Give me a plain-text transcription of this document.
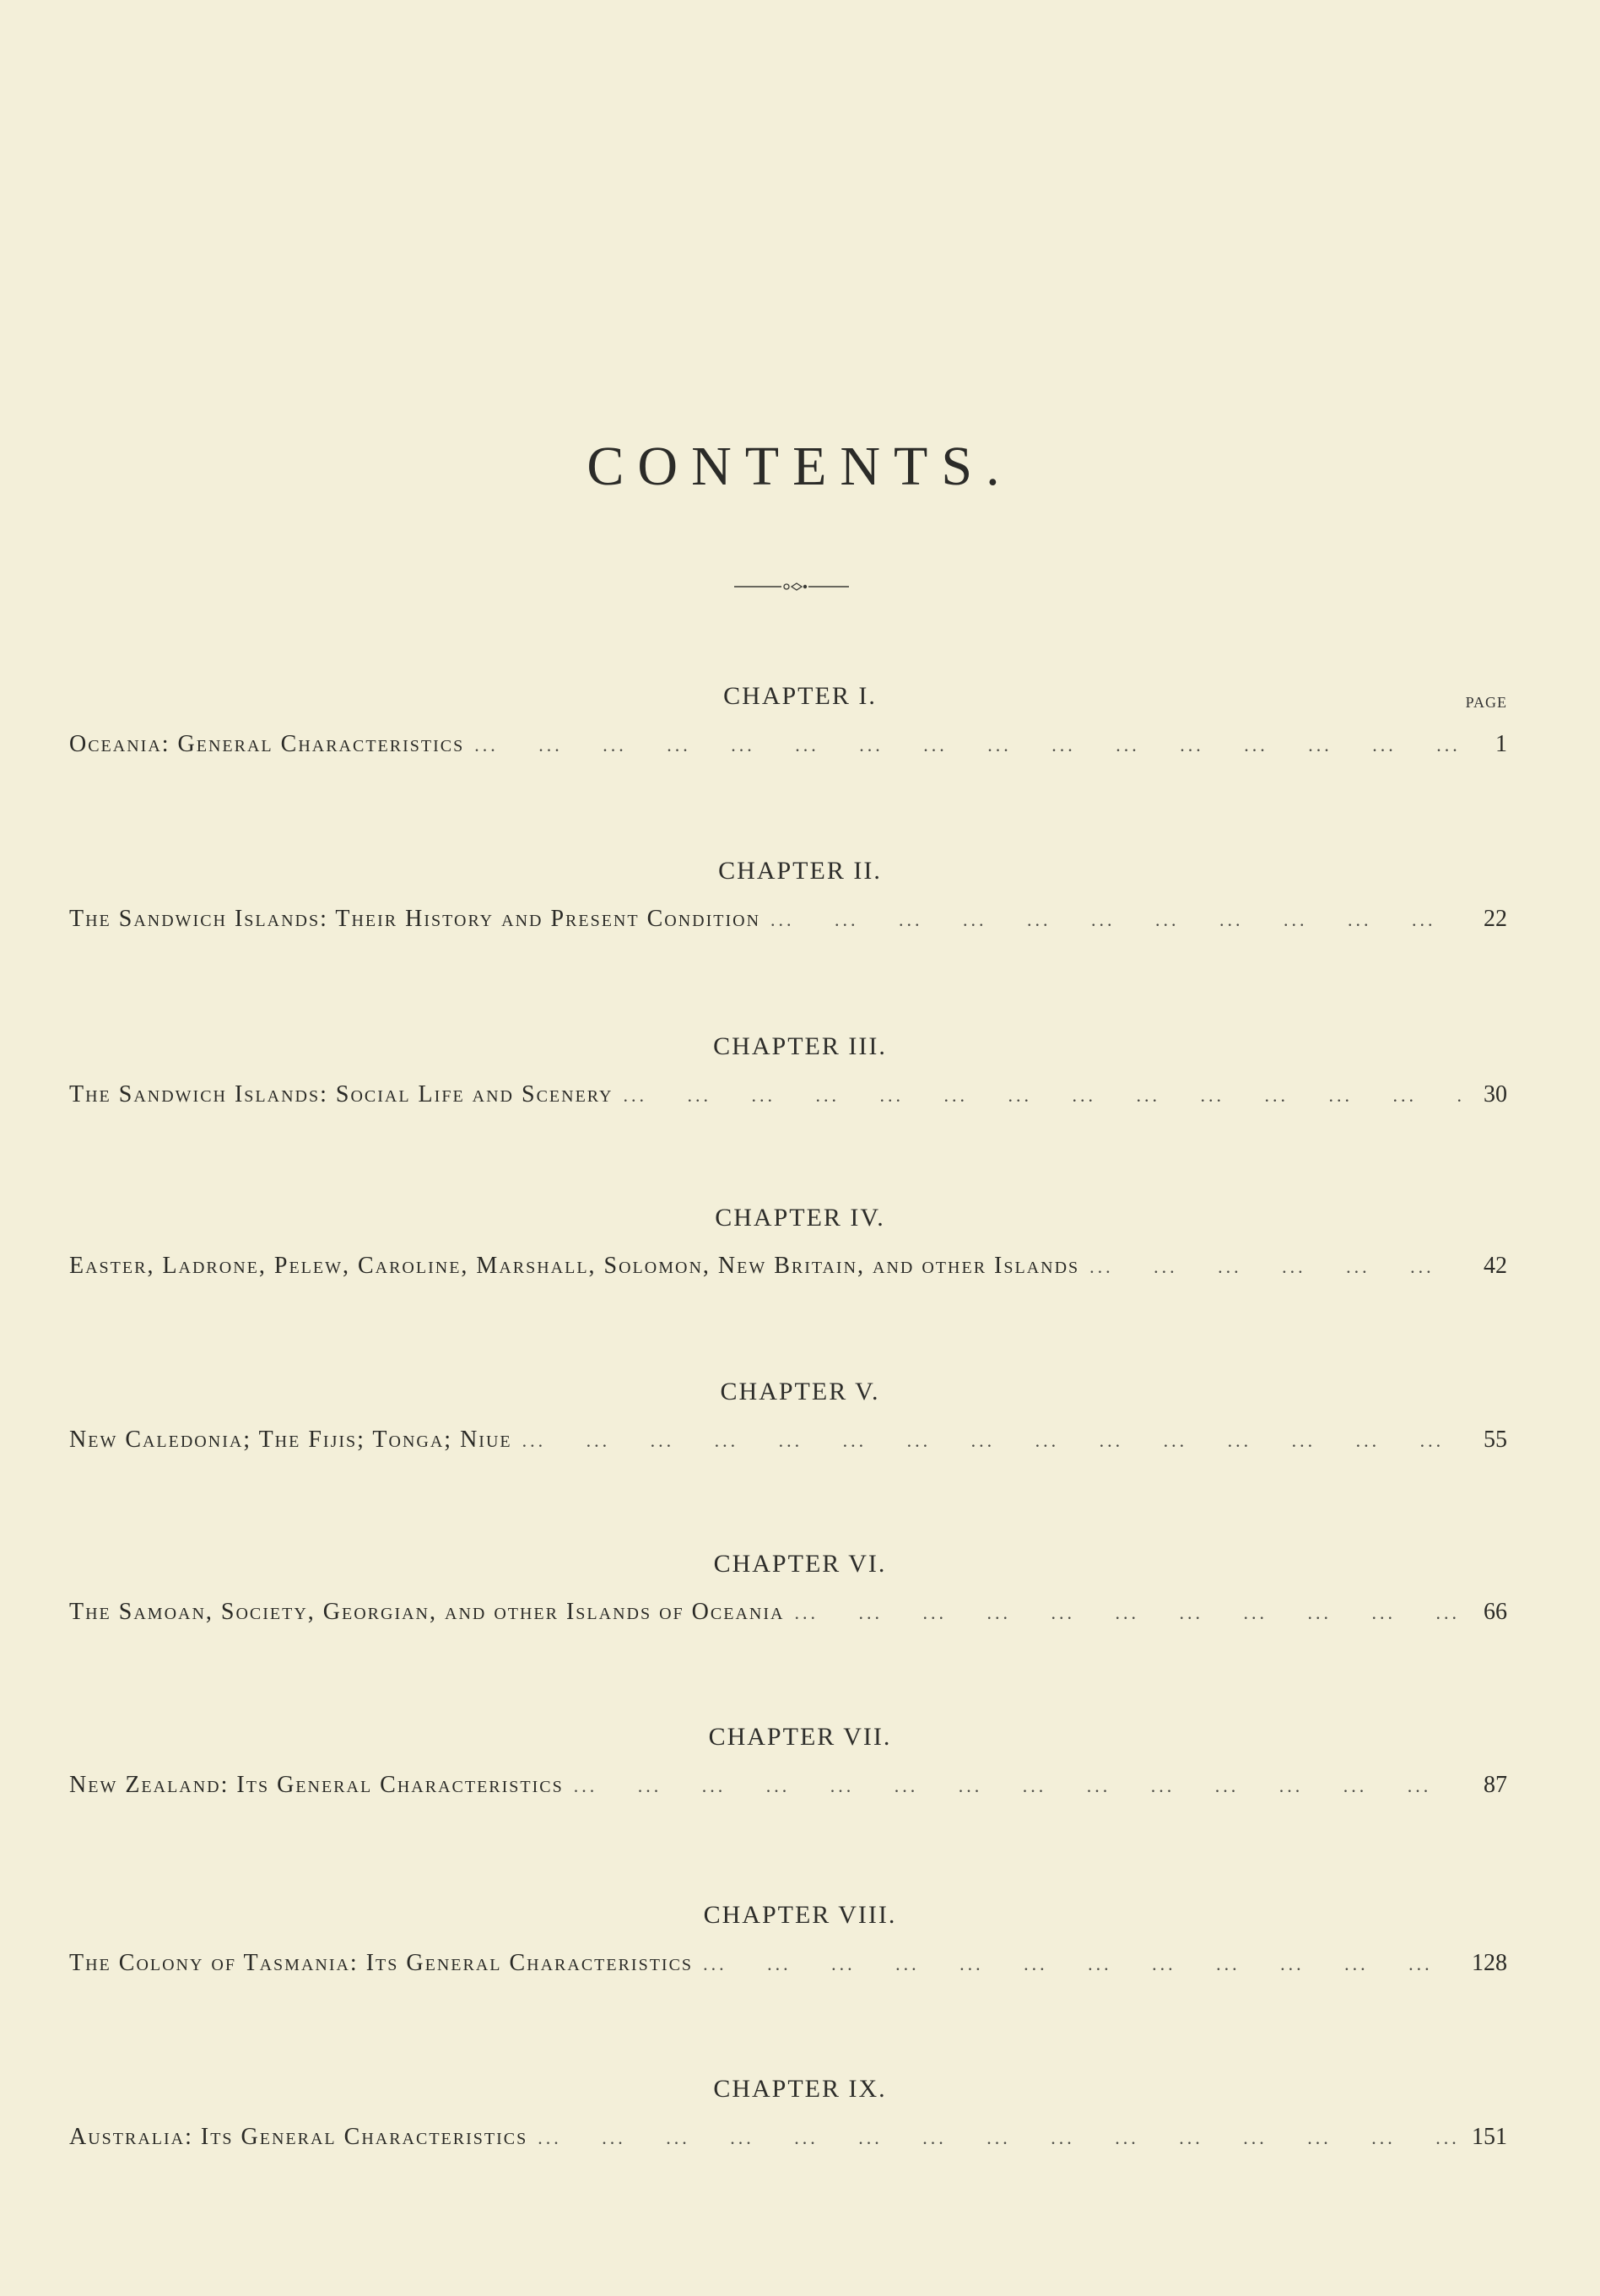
CONTENTS.
PAGE
CHAPTER I.
Oceania: General Characteristics ...	1
CHAPTER II.
The Sandwich Islands: Their History and Present Condition ...	22
CHAPTER III.
The Sandwich Islands: Social Life and Scenery ...	30
CHAPTER IV.
Easter, Ladrone, Pelew, Caroline, Marshall, Solomon, New Britain, and other Islands ...	42
CHAPTER V.
New Caledonia; The Fijis; Tonga; Niue ...	55
CHAPTER VI.
The Samoan, Society, Georgian, and other Islands of Oceania ...	66
CHAPTER VII.
New Zealand: Its General Characteristics ...	87
CHAPTER VIII.
The Colony of Tasmania: Its General Characteristics ...	128
CHAPTER IX.
Australia: Its General Characteristics ...	151
